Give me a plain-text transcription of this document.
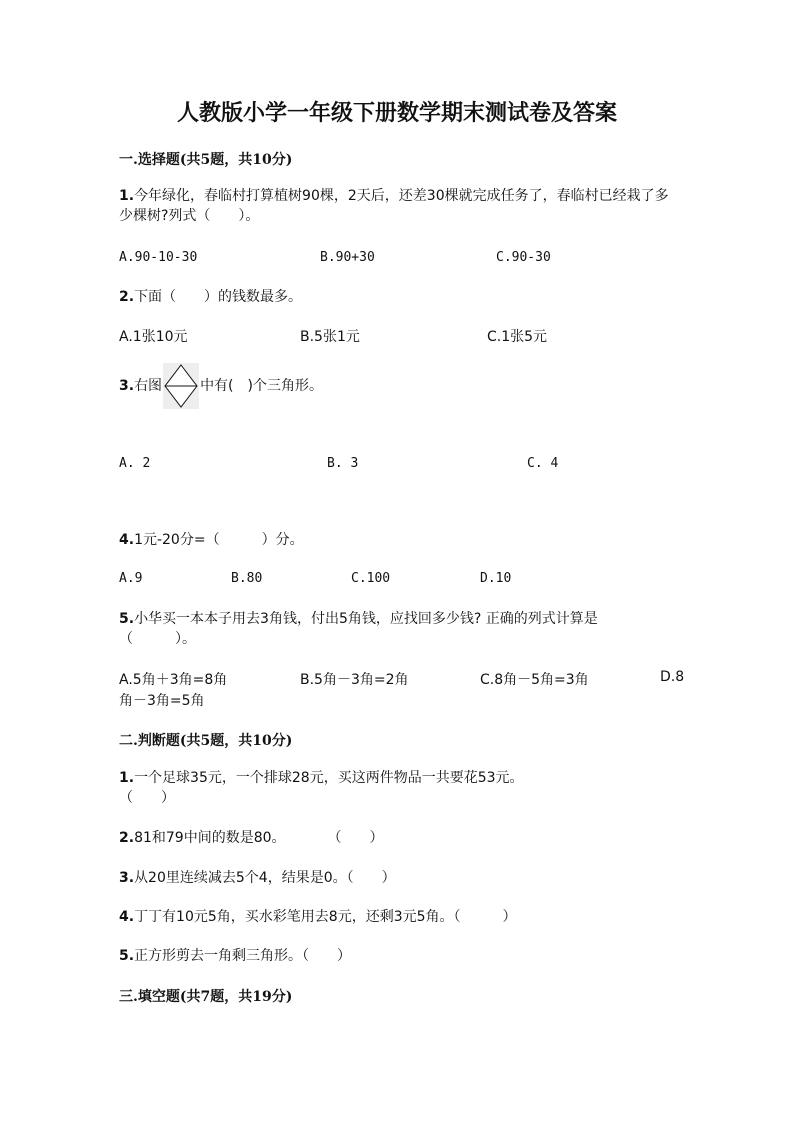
人教版小学一年级下册数学期末测试卷及答案
一.选择题(共5题，共10分)
1.今年绿化，春临村打算植树90棵，2天后，还差30棵就完成任务了，春临村已经栽了多少棵树?列式（　　）。
A.90-10-30	B.90+30	C.90-30
2.下面（　　）的钱数最多。
A.1张10元	B.5张1元	C.1张5元
3.右图	中有(　)个三角形。
A. 2	B. 3	C. 4
4.1元-20分=（　　　）分。
A.9	B.80	C.100	D.10
5.小华买一本本子用去3角钱，付出5角钱，应找回多少钱? 正确的列式计算是（　　　）。
A.5角＋3角=8角	B.5角－3角=2角	C.8角－5角=3角	D.8
角－3角=5角
二.判断题(共5题，共10分)
1.一个足球35元，一个排球28元，买这两件物品一共要花53元。
（　　）
2.81和79中间的数是80。　　　　（　　）
3.从20里连续减去5个4，结果是0。（　　）
4.丁丁有10元5角，买水彩笔用去8元，还剩3元5角。（　　　）
5.正方形剪去一角剩三角形。（　　）
三.填空题(共7题，共19分)
